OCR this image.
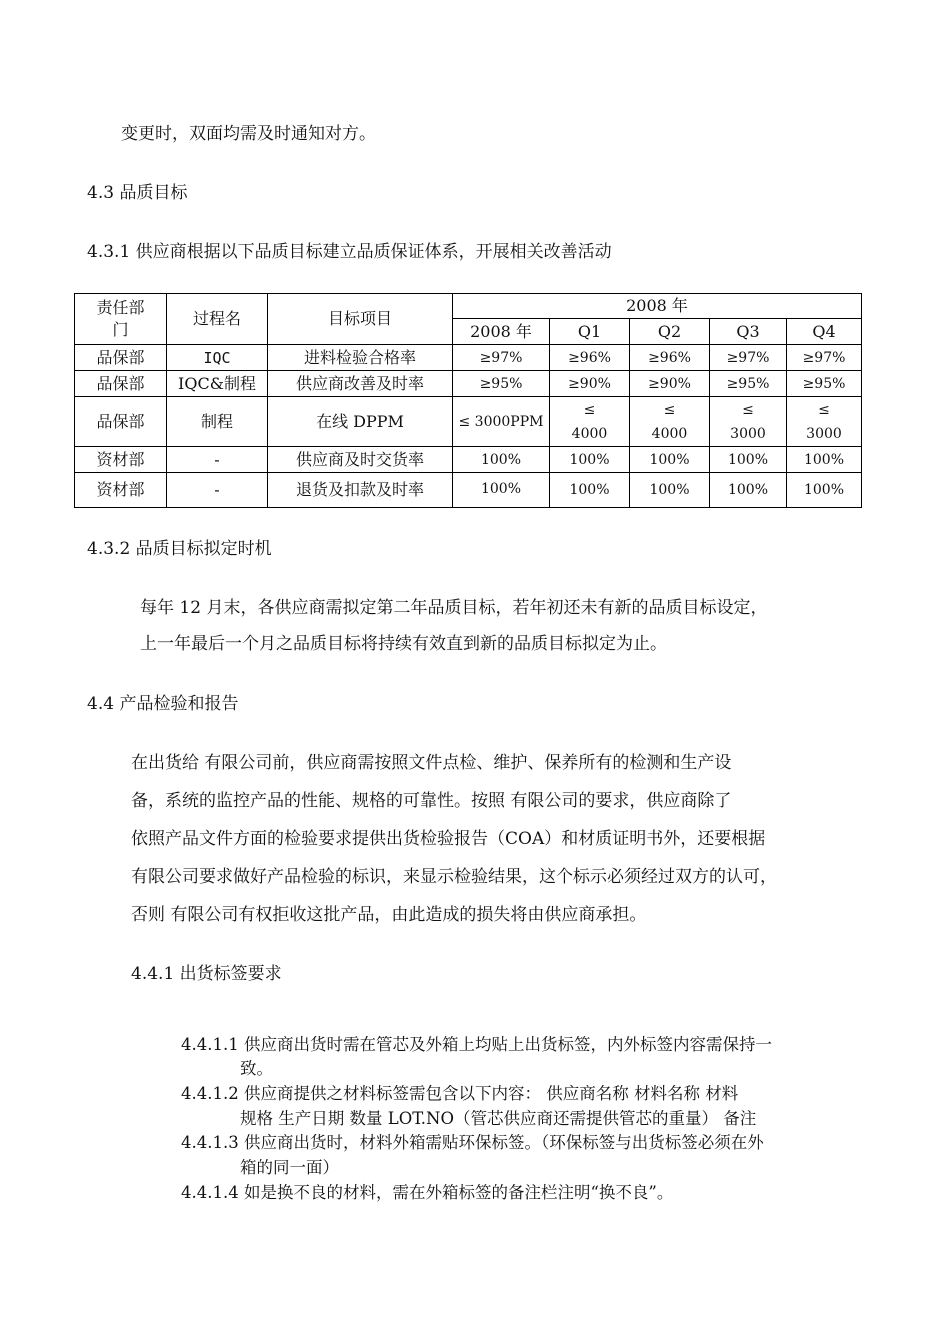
变更时，双面均需及时通知对方。

4.3 品质目标

4.3.1 供应商根据以下品质目标建立品质保证体系，开展相关改善活动

责任部门	过程名	目标项目	2008 年				
			2008 年	Q1	Q2	Q3	Q4
品保部	IQC	进料检验合格率	≥97%	≥96%	≥96%	≥97%	≥97%
品保部	IQC&制程	供应商改善及时率	≥95%	≥90%	≥90%	≥95%	≥95%
品保部	制程	在线 DPPM	≤ 3000PPM	≤ 4000	≤ 4000	≤ 3000	≤ 3000
资材部	-	供应商及时交货率	100%	100%	100%	100%	100%
资材部	-	退货及扣款及时率	100%	100%	100%	100%	100%

4.3.2 品质目标拟定时机

每年 12 月末，各供应商需拟定第二年品质目标，若年初还未有新的品质目标设定，

上一年最后一个月之品质目标将持续有效直到新的品质目标拟定为止。

4.4 产品检验和报告

在出货给 有限公司前，供应商需按照文件点检、维护、保养所有的检测和生产设

备，系统的监控产品的性能、规格的可靠性。按照 有限公司的要求，供应商除了

依照产品文件方面的检验要求提供出货检验报告（COA）和材质证明书外，还要根据

有限公司要求做好产品检验的标识，来显示检验结果，这个标示必须经过双方的认可，

否则 有限公司有权拒收这批产品，由此造成的损失将由供应商承担。

4.4.1 出货标签要求

4.4.1.1 供应商出货时需在管芯及外箱上均贴上出货标签，内外标签内容需保持一

致。

4.4.1.2 供应商提供之材料标签需包含以下内容： 供应商名称 材料名称 材料

规格 生产日期 数量 LOT.NO（管芯供应商还需提供管芯的重量） 备注

4.4.1.3 供应商出货时，材料外箱需贴环保标签。（环保标签与出货标签必须在外

箱的同一面）

4.4.1.4 如是换不良的材料，需在外箱标签的备注栏注明“换不良”。
